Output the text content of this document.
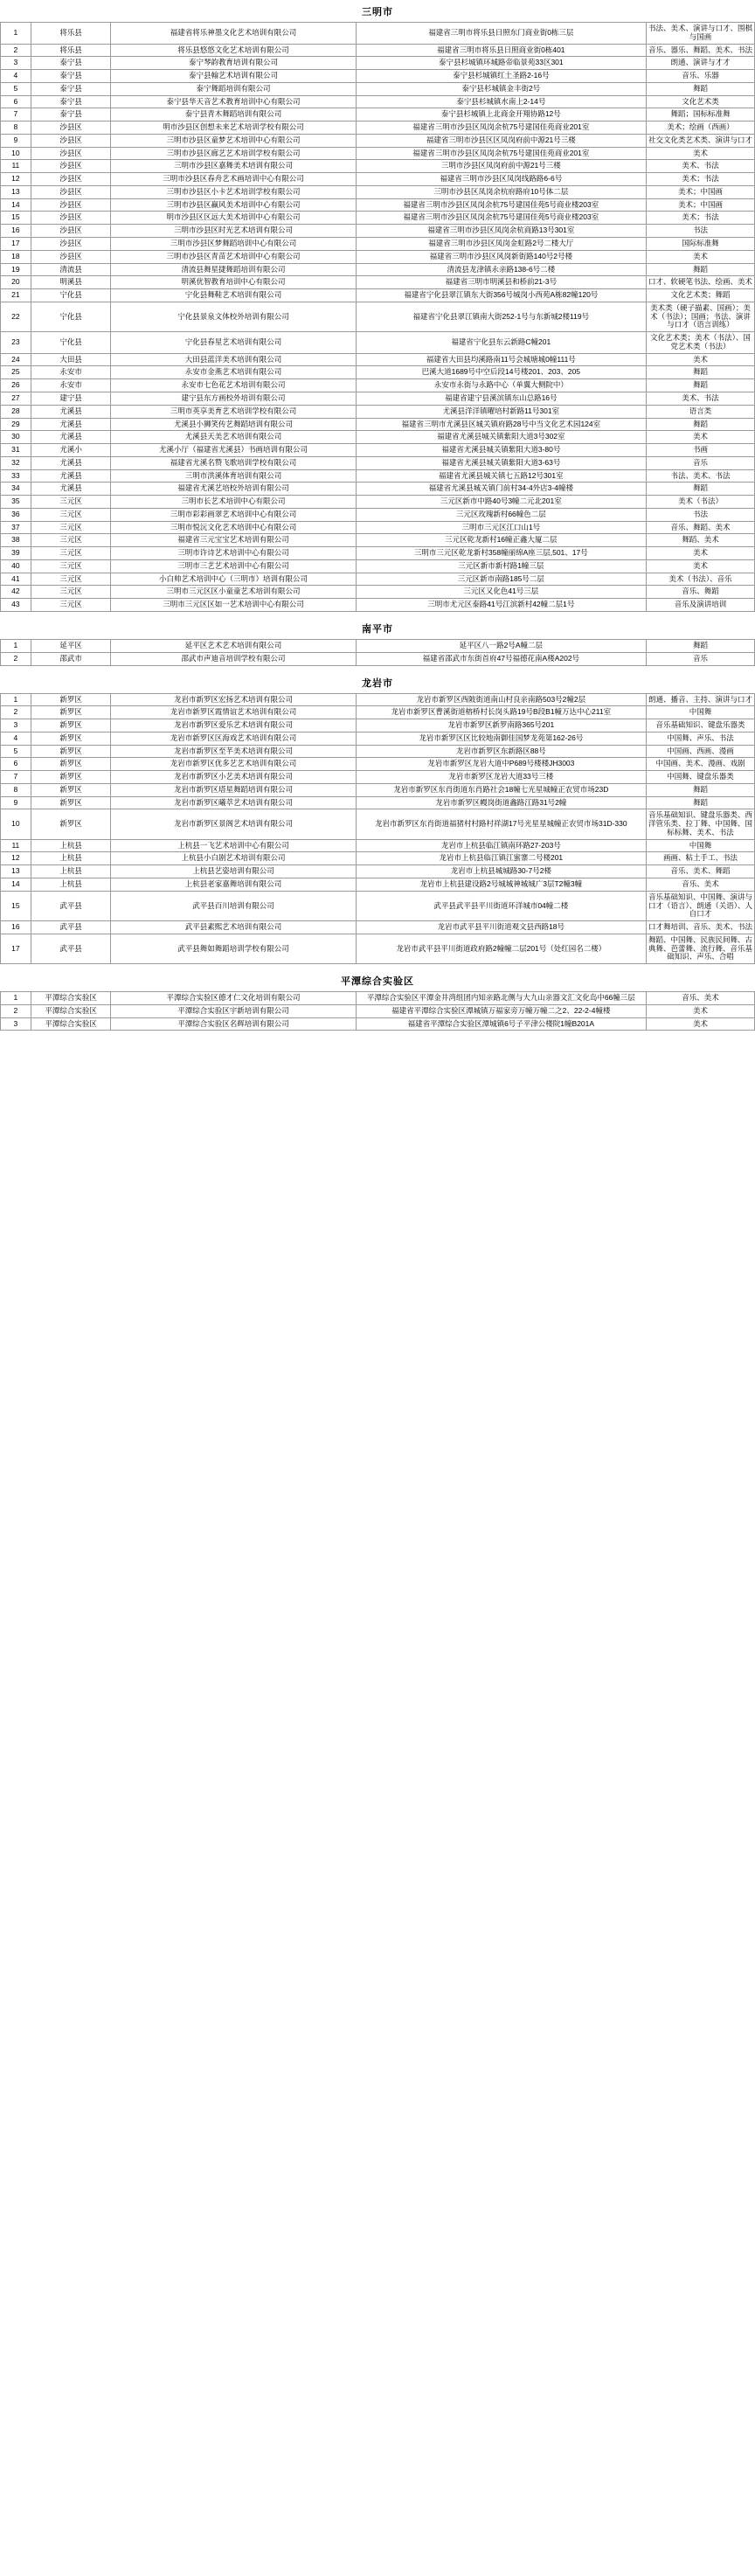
三明市
1	将乐县	福建省将乐神墨文化艺术培训有限公司	福建省三明市将乐县日照东门商业街0栋三层	书法、美术、演讲与口才、围棋与国画
2	将乐县	将乐县悠悠文化艺术培训有限公司	福建省三明市将乐县日照商业街0栋401	音乐、器乐、舞蹈、美术、书法
3	泰宁县	泰宁琴韵教育培训有限公司	泰宁县杉城镇环城路帝临景苑33区301	朗通、演讲与才才
4	泰宁县	泰宁县翰艺术培训有限公司	泰宁县杉城镇红土圣路2-16号	音乐、乐器
5	泰宁县	泰宁舞蹈培训有限公司	泰宁县杉城镇金丰街2号	舞蹈
6	泰宁县	泰宁县华天音艺术教育培训中心有限公司	泰宁县杉城镇水南上2-14号	文化艺术类
7	泰宁县	泰宁县青木舞蹈培训有限公司	泰宁县杉城镇上北商金开翔协路12号	舞蹈；国标标准舞
8	沙县区	明市沙县区创想未来艺术培训学校有限公司	福建省三明市沙县区凤岗余杭75号建国佳苑商业201室	美术；绘画（西画）
9	沙县区	三明市沙县区童梦艺术培训中心有限公司	福建省三明市沙县区区凤岗府前中源21号三楼	社交文化类艺术类、演讲与口才
10	沙县区	三明市沙县区廊艺艺术培训学校有限公司	福建省三明市沙县区凤岗余杭75号建国佳苑商业201室	美术
11	沙县区	三明市沙县区嘉舞美术培训有限公司	三明市沙县区凤岗府前中源21号三楼	美术、书法
12	沙县区	三明市沙县区春舟艺术画培训中心有限公司	福建省三明市沙县区凤岗线路路6-6号	美术；书法
13	沙县区	三明市沙县区小卡艺术培训学校有限公司	三明市沙县区凤岗余杭府路府10号体二层	美术；中国画
14	沙县区	三明市沙县区赢风美术培训中心有限公司	福建省三明市沙县区凤岗余杭75号建国佳苑5号商业楼203室	美术；中国画
15	沙县区	明市沙县区区远大美术培训中心有限公司	福建省三明市沙县区凤岗余杭75号建国佳苑5号商业楼203室	美术；书法
16	沙县区	三明市沙县区时光艺术培训有限公司	福建省三明市沙县区凤岗余杭商路13号301室	书法
17	沙县区	三明市沙县区梦舞蹈培训中心有限公司	福建省三明市沙县区凤岗金虹路2号二楼大厅	国际标准舞
18	沙县区	三明市沙县区青苗艺术培训中心有限公司	福建省三明市沙县区风岗新街路140号2号楼	美术
19	清流县	清流县舞星捷舞蹈培训有限公司	清流县龙津镇永亲路138-6号二楼	舞蹈
20	明溪县	明溪优智教育培训中心有限公司	福建省三明市明溪县和桥前21-3号	口才、软硬笔书法、绘画、美术
21	宁化县	宁化县舞鞋艺术培训有限公司	福建省宁化县翠江镇东大街356号城岗小西苑A栋82幢120号	文化艺术类；舞蹈
22	宁化县	宁化县景泉文体校外培训有限公司	福建省宁化县翠江镇南大街252-1号与东新城2楼119号	美术类（硬子描素、国画）；美术（书法）；国画；书法、演讲与口才（语言训练）
23	宁化县	宁化县春星艺术培训有限公司	福建省宁化县东云新路C幢201	文化艺术类；美术（书法）、国党艺术类（书法）
24	大田县	大田县蓝洋美术培训有限公司	福建省大田县均溪路南11号会城塘城0幢111号	美术
25	永安市	永安市金燕艺术培训有限公司	巴溪大道1689号中空后段14号楼201、203、205	舞蹈
26	永安市	永安市七色花艺术培训有限公司	永安市永街与永路中心（单翼大侧院中）	舞蹈
27	建宁县	建宁县东方画校外培训有限公司	福建省建宁县溪滨镇东山总路16号	美术、书法
28	尤溪县	三明市英享美育艺术培训学校有限公司	尤溪县洋洋镇曜培村新路11号301室	语言类
29	尤溪县	尤溪县小狮笑传艺舞蹈培训有限公司	福建省三明市尤溪县区城关镇府路28号中当文化艺术园124室	舞蹈
30	尤溪县	尤溪县天美艺术培训有限公司	福建省尤溪县城关镇紫阳大道3号302室	美术
31	尤溪小	尤溪小厅（福建省尤溪县）书画培训有限公司	福建省尤溪县城关镇紫阳大道3-80号	书画
32	尤溪县	福建省尤溪名赞飞歌培训学校有限公司	福建省尤溪县城关镇紫阳大道3-63号	音乐
33	尤溪县	三明市洪溪体育培训有限公司	福建省尤溪县城关镇七五路12号301室	书法、美术、书法
34	尤溪县	福建省尤溪艺培校外培训有限公司	福建省尤溪县城关镇门前村34-4外店3-4幢楼	舞蹈
35	三元区	三明市长艺术培训中心有限公司	三元区新市中路40号3幢二元北201室	美术（书法）
36	三元区	三明市彩彩画翠艺术培训中心有限公司	三元区玫瑰新村66幢色二层	书法
37	三元区	三明市悦沅文化艺术培训中心有限公司	三明市三元区江口山1号	音乐、舞蹈、美术
38	三元区	福建省三元宝宝艺术培训有限公司	三元区乾龙新村16幢正鑫大厦二层	舞蹈、美术
39	三元区	三明市许诗艺术培训中心有限公司	三明市三元区乾龙新村358幢丽绵A座三层,501、17号	美术
40	三元区	三明市三艺艺术培训中心有限公司	三元区新市新村路1幢三层	美术
41	三元区	小白帅艺术培训中心（三明市）培训有限公司	三元区新市南路185号二层	美术（书法）、音乐
42	三元区	三明市三元区区小童童艺术培训有限公司	三元区又化色41号三层	音乐、舞蹈
43	三元区	三明市三元区区如一艺术培训中心有限公司	三明市尤元区泰路41号江滨新村42幢二层1号	音乐及演讲培训
南平市
1	延平区	延平区艺术艺术培训有限公司	延平区八一路2号A幢二层	舞蹈
2	邵武市	邵武市声迪音培训学校有限公司	福建省邵武市东街首府47号福德花南A楼A202号	音乐
龙岩市
1	新罗区	龙岩市新罗区宏扬艺术培训有限公司	龙岩市新罗区西陂街道南山村良亲南路503号2幢2层	朗通、播音、主持、演讲与口才
2	新罗区	龙岩市新罗区霞情谊艺术培训有限公司	龙岩市新罗区曹溪街道榕桥村长岗头路19号B段B1幢万达中心211室	中国舞
3	新罗区	龙岩市新罗区爱乐艺术培训有限公司	龙岩市新罗区新罗南路365号201	音乐基础知识、键盘乐器类
4	新罗区	龙岩市新罗区区海戏艺术培训有限公司	龙岩市新罗区区比较地南御佳国梦龙苑第162-26号	中国舞、声乐、书法
5	新罗区	龙岩市新罗区至芊美术培训有限公司	龙岩市新罗区东新路区88号	中国画、西画、漫画
6	新罗区	龙岩市新罗区优多艺艺术培训有限公司	龙岩市新罗区龙岩大道中P689号楼楼JH3003	中国画、美术、漫画、戏剧
7	新罗区	龙岩市新罗区小艺美术培训有限公司	龙岩市新罗区龙岩大道33号三楼	中国舞、键盘乐器类
8	新罗区	龙岩市新罗区塔星舞蹈培训有限公司	龙岩市新罗区东肖街道东肖路社会18幢七光星城幢正农贸市场23D	舞蹈
9	新罗区	龙岩市新罗区曦萃艺术培训有限公司	龙岩市新罗区幔岗街道鑫路江路31号2幢	舞蹈
10	新罗区	龙岩市新罗区景阁艺术培训有限公司	龙岩市新罗区东肖街道福猪村村路村祥湖17号光星星城幢正农贸市场31D-330	音乐基础知识、键盘乐器类、西洋管乐类、拉丁舞、中国舞、国标标舞、美术、书法
11	上杭县	上杭县一飞艺术培训中心有限公司	龙岩市上杭县临江镇南环路27-203号	中国舞
12	上杭县	上杭县小白剧艺术培训有限公司	龙岩市上杭县临江镇江蜜寨二号楼201	画画、粘土手工、书法
13	上杭县	上杭县艺姿培训有限公司	龙岩市上杭县城城路30-7号2楼	音乐、美术、舞蹈
14	上杭县	上杭县老家嘉舞培训有限公司	龙岩市上杭县建设路2号城城神城城广3层T2幢3幢	音乐、美术
15	武平县	武平县百川培训有限公司	武平县武平县平川街道环洋城市04幢二楼	音乐基础知识、中国舞、演讲与口才（语言）、朗通（关语）、人自口才
16	武平县	武平县素熙艺术培训有限公司	龙岩市武平县平川街道观文县西路18号	口才舞培训、音乐、美术、书法
17	武平县	武平县舞如舞蹈培训学校有限公司	龙岩市武平县平川街道政府路2幢幢二层201号（处红园名二楼）	舞蹈、中国舞、民族民间舞、古典舞、芭蕾舞、流行舞、音乐基础知识、声乐、合唱
平潭综合实验区
1	平潭综合实验区	平潭综合实验区德才仁文化培训有限公司	平潭综合实验区平潭金井湾组团内知亲路北侧与大九山亲器文汇文化岛中66幢三层	音乐、美术
2	平潭综合实验区	平潭综合实验区宇新培训有限公司	福建省平潭综合实验区潭城镇万福家旁万幢万幢二之2、22-2-4幢楼	美术
3	平潭综合实验区	平潭综合实验区名辉培训有限公司	福建省平潭综合实验区潭城镇6号子平津公楼院1幢B201A	美术
